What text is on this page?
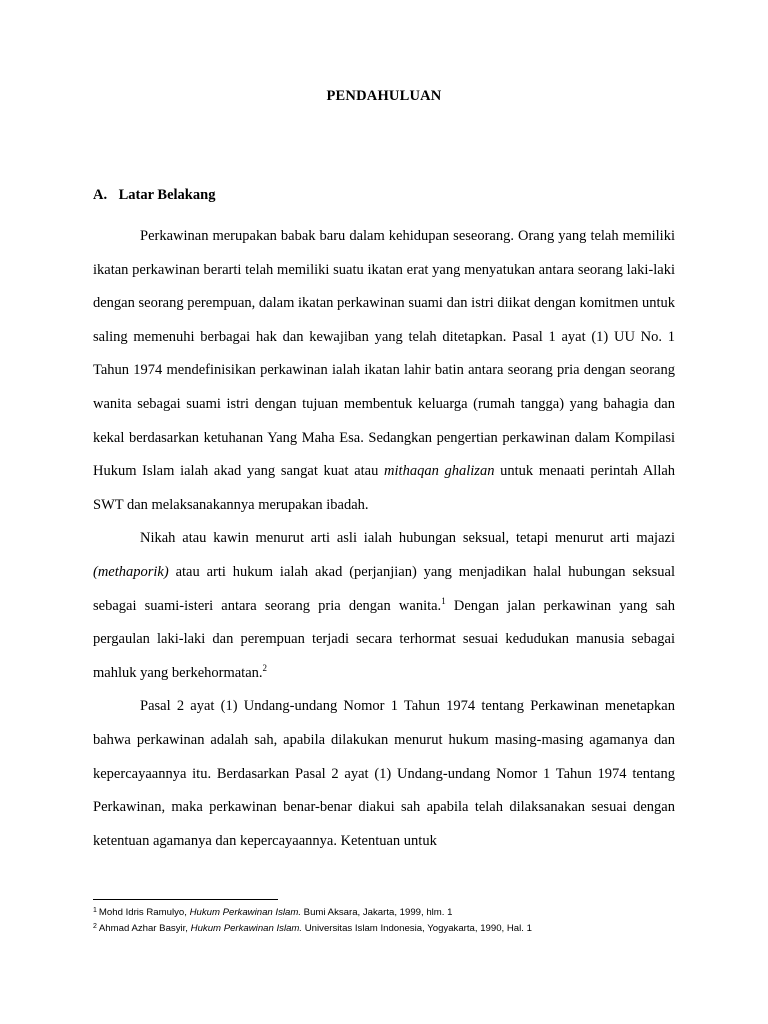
PENDAHULUAN
A. Latar Belakang

Perkawinan merupakan babak baru dalam kehidupan seseorang. Orang yang telah memiliki ikatan perkawinan berarti telah memiliki suatu ikatan erat yang menyatukan antara seorang laki-laki dengan seorang perempuan, dalam ikatan perkawinan suami dan istri diikat dengan komitmen untuk saling memenuhi berbagai hak dan kewajiban yang telah ditetapkan. Pasal 1 ayat (1) UU No. 1 Tahun 1974 mendefinisikan perkawinan ialah ikatan lahir batin antara seorang pria dengan seorang wanita sebagai suami istri dengan tujuan membentuk keluarga (rumah tangga) yang bahagia dan kekal berdasarkan ketuhanan Yang Maha Esa. Sedangkan pengertian perkawinan dalam Kompilasi Hukum Islam ialah akad yang sangat kuat atau mithaqan ghalizan untuk menaati perintah Allah SWT dan melaksanakannya merupakan ibadah.

Nikah atau kawin menurut arti asli ialah hubungan seksual, tetapi menurut arti majazi (methaporik) atau arti hukum ialah akad (perjanjian) yang menjadikan halal hubungan seksual sebagai suami-isteri antara seorang pria dengan wanita.$^1$ Dengan jalan perkawinan yang sah pergaulan laki-laki dan perempuan terjadi secara terhormat sesuai kedudukan manusia sebagai mahluk yang berkehormatan.$^2$

Pasal 2 ayat (1) Undang-undang Nomor 1 Tahun 1974 tentang Perkawinan menetapkan bahwa perkawinan adalah sah, apabila dilakukan menurut hukum masing-masing agamanya dan kepercayaannya itu. Berdasarkan Pasal 2 ayat (1) Undang-undang Nomor 1 Tahun 1974 tentang Perkawinan, maka perkawinan benar-benar diakui sah apabila telah dilaksanakan sesuai dengan ketentuan agamanya dan kepercayaannya. Ketentuan untuk

$^1$ Mohd Idris Ramulyo, Hukum Perkawinan Islam. Bumi Aksara, Jakarta, 1999, hlm. 1
$^2$ Ahmad Azhar Basyir, Hukum Perkawinan Islam. Universitas Islam Indonesia, Yogyakarta, 1990, Hal. 1
